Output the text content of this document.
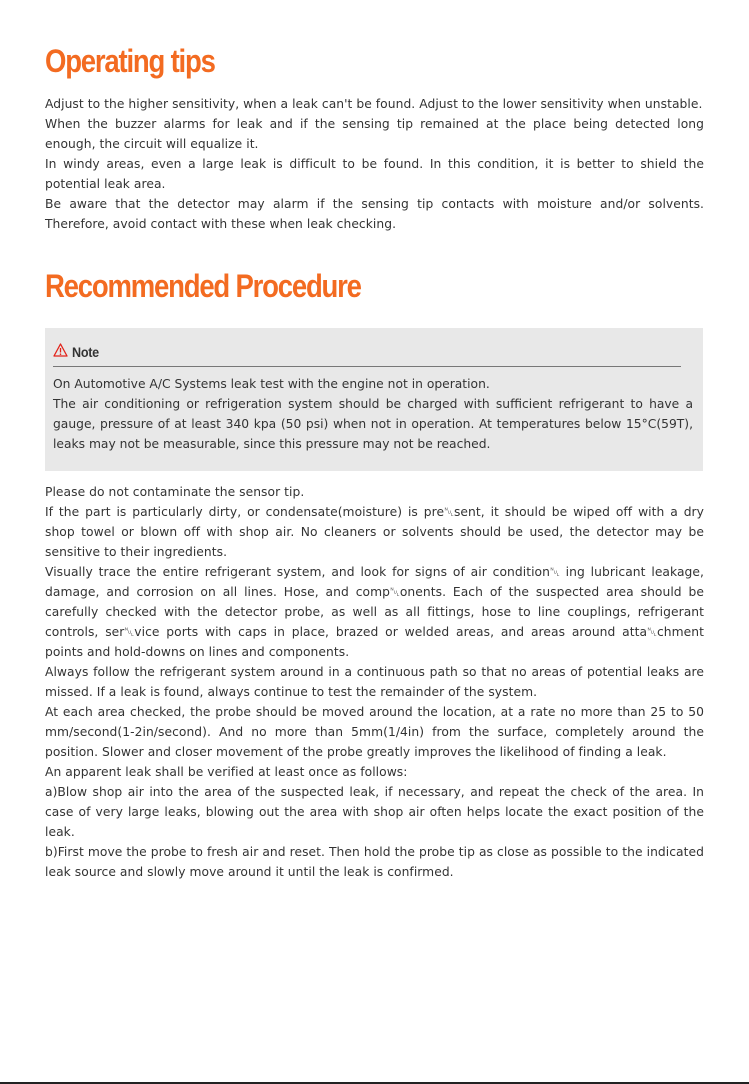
Operating tips

Adjust to the higher sensitivity, when a leak can't be found. Adjust to the lower sensitivity when unstable.

When the buzzer alarms for leak and if the sensing tip remained at the place being detected long enough, the circuit will equalize it.

In windy areas, even a large leak is difficult to be found. In this condition, it is better to shield the potential leak area.

Be aware that the detector may alarm if the sensing tip contacts with moisture and/or solvents. Therefore, avoid contact with these when leak checking.

Recommended Procedure
Note

On Automotive A/C Systems leak test with the engine not in operation.

The air conditioning or refrigeration system should be charged with sufficient refrigerant to have a gauge, pressure of at least 340 kpa (50 psi) when not in operation. At temperatures below 15°C(59T), leaks may not be measurable, since this pressure may not be reached.

Please do not contaminate the sensor tip.

If the part is particularly dirty, or condensate(moisture) is pre␀sent, it should be wiped off with a dry shop towel or blown off with shop air. No cleaners or solvents should be used, the detector may be sensitive to their ingredients.

Visually trace the entire refrigerant system, and look for signs of air condition␀ ing lubricant leakage, damage, and corrosion on all lines. Hose, and comp␀onents. Each of the suspected area should be carefully checked with the detector probe, as well as all fittings, hose to line couplings, refrigerant controls, ser␀vice ports with caps in place, brazed or welded areas, and areas around atta␀chment points and hold-downs on lines and components.

Always follow the refrigerant system around in a continuous path so that no areas of potential leaks are missed. If a leak is found, always continue to test the remainder of the system.

At each area checked, the probe should be moved around the location, at a rate no more than 25 to 50 mm/second(1-2in/second). And no more than 5mm(1/4in) from the surface, completely around the position. Slower and closer movement of the probe greatly improves the likelihood of finding a leak.

An apparent leak shall be verified at least once as follows:

a)Blow shop air into the area of the suspected leak, if necessary, and repeat the check of the area. In case of very large leaks, blowing out the area with shop air often helps locate the exact position of the leak.

b)First move the probe to fresh air and reset. Then hold the probe tip as close as possible to the indicated leak source and slowly move around it until the leak is confirmed.
